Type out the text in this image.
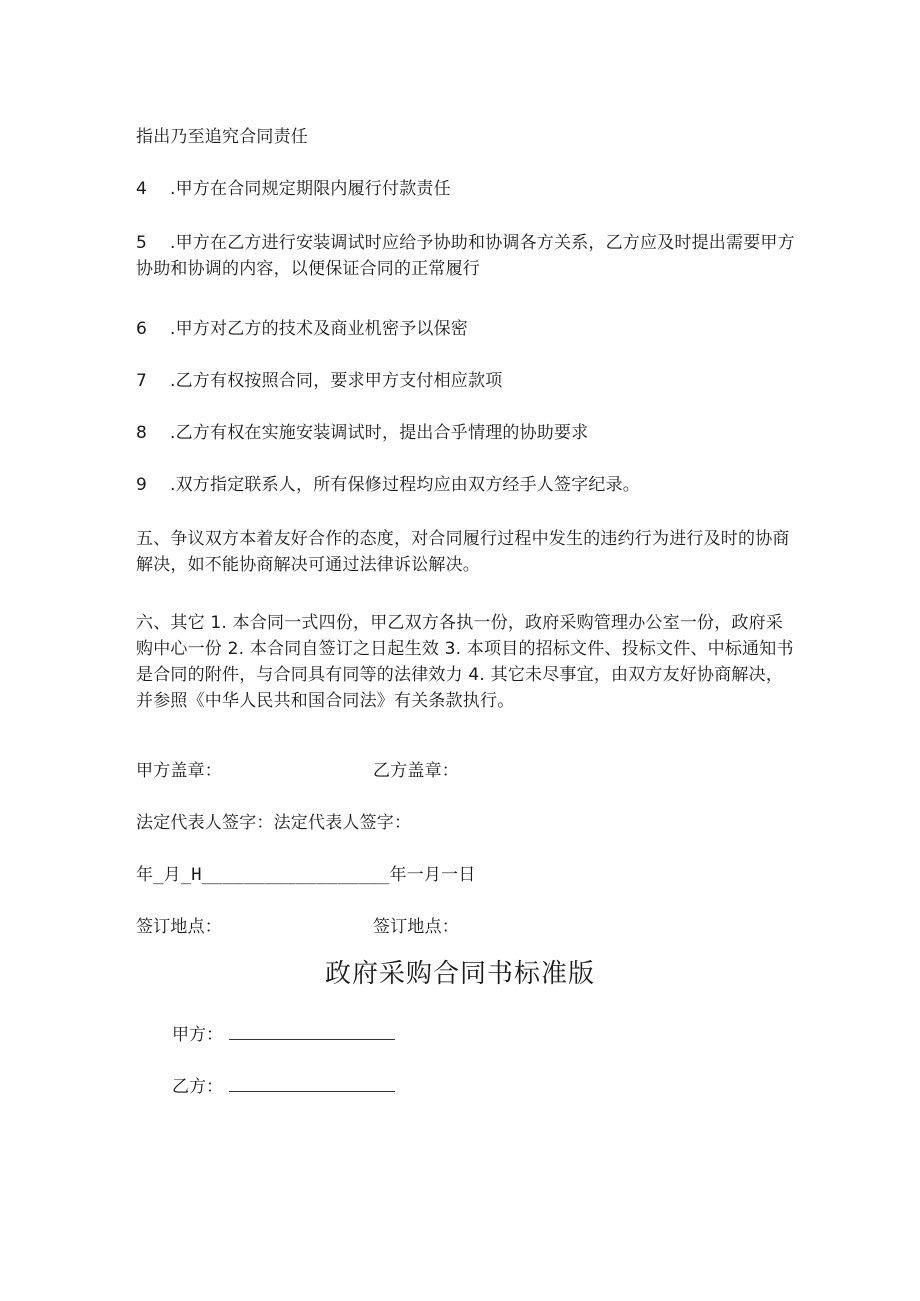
指出乃至追究合同责任

4 .甲方在合同规定期限内履行付款责任

5 .甲方在乙方进行安装调试时应给予协助和协调各方关系，乙方应及时提出需要甲方协助和协调的内容，以便保证合同的正常履行

6 .甲方对乙方的技术及商业机密予以保密

7 .乙方有权按照合同，要求甲方支付相应款项

8 .乙方有权在实施安装调试时，提出合乎情理的协助要求

9 .双方指定联系人，所有保修过程均应由双方经手人签字纪录。

五、争议双方本着友好合作的态度，对合同履行过程中发生的违约行为进行及时的协商解决，如不能协商解决可通过法律诉讼解决。

六、其它 1. 本合同一式四份，甲乙双方各执一份，政府采购管理办公室一份，政府采购中心一份 2. 本合同自签订之日起生效 3. 本项目的招标文件、投标文件、中标通知书是合同的附件，与合同具有同等的法律效力 4. 其它未尽事宜，由双方友好协商解决，并参照《中华人民共和国合同法》有关条款执行。

甲方盖章：	乙方盖章：

法定代表人签字：法定代表人签字：

年_月_H__________________年一月一日

签订地点：	签订地点：

政府采购合同书标准版
甲方：
乙方：
